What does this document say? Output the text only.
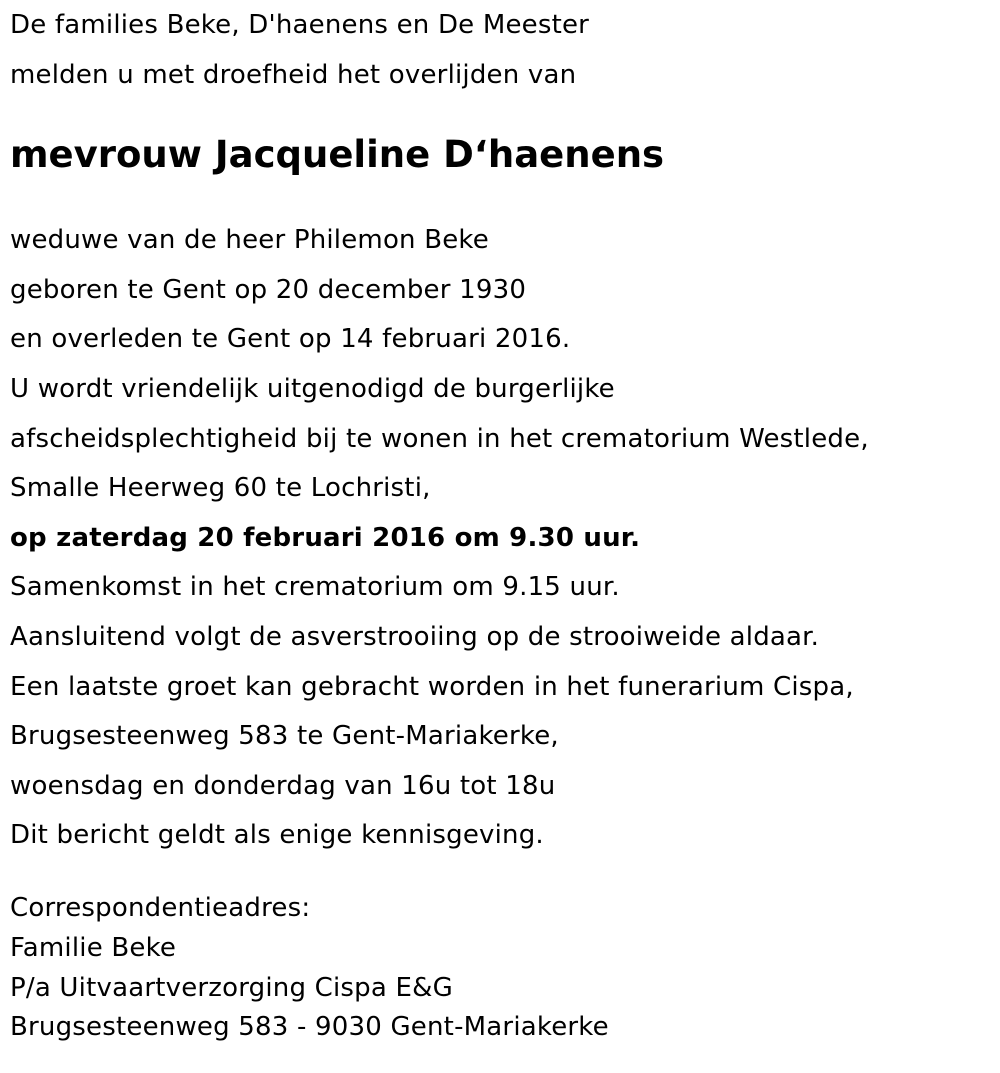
De families Beke, D'haenens en De Meester

melden u met droefheid het overlijden van

mevrouw Jacqueline D‘haenens

weduwe van de heer Philemon Beke

geboren te Gent op 20 december 1930

en overleden te Gent op 14 februari 2016.

U wordt vriendelijk uitgenodigd de burgerlijke

afscheidsplechtigheid bij te wonen in het crematorium Westlede,

Smalle Heerweg 60 te Lochristi,

op zaterdag 20 februari 2016 om 9.30 uur.

Samenkomst in het crematorium om 9.15 uur.

Aansluitend volgt de asverstrooiing op de strooiweide aldaar.

Een laatste groet kan gebracht worden in het funerarium Cispa,

Brugsesteenweg 583 te Gent-Mariakerke,

woensdag en donderdag van 16u tot 18u

Dit bericht geldt als enige kennisgeving.

Correspondentieadres:

Familie Beke

P/a Uitvaartverzorging Cispa E&G

Brugsesteenweg 583 - 9030 Gent-Mariakerke
